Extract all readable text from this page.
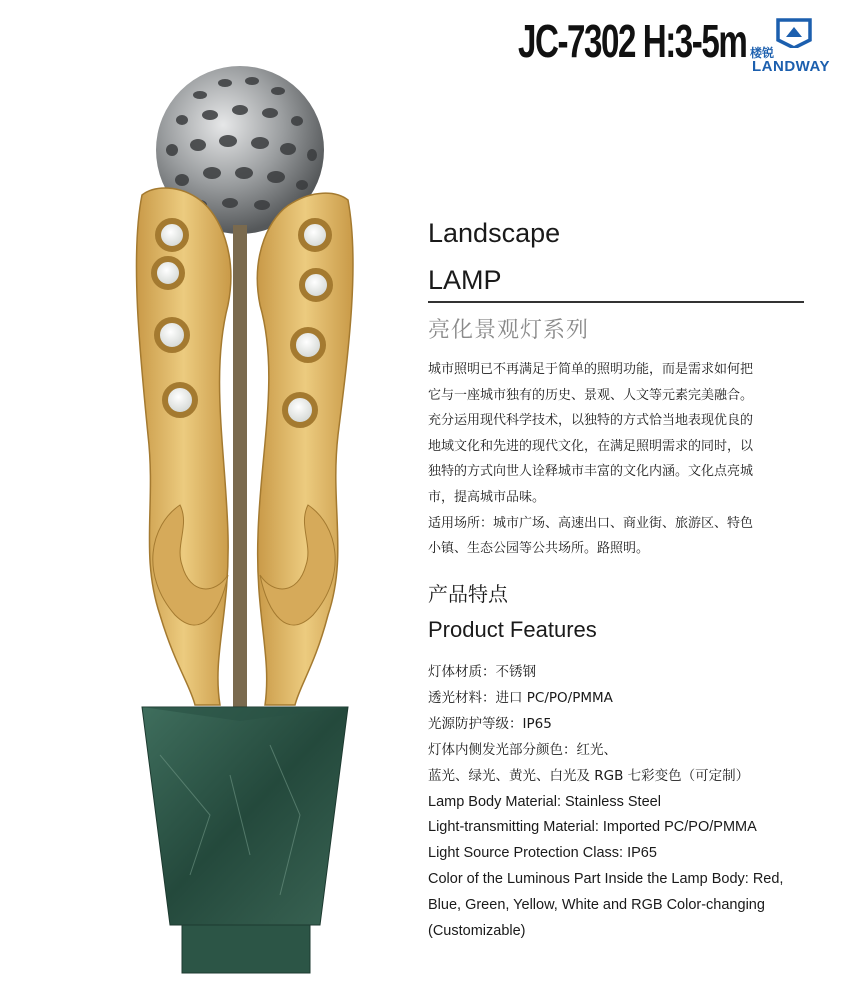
JC-7302 H:3-5m 楼锐
LANDWAY
Landscape
LAMP
亮化景观灯系列
城市照明已不再满足于简单的照明功能，而是需求如何把
它与一座城市独有的历史、景观、人文等元素完美融合。
充分运用现代科学技术，以独特的方式恰当地表现优良的
地域文化和先进的现代文化，在满足照明需求的同时，以
独特的方式向世人诠释城市丰富的文化内涵。文化点亮城
市，提高城市品味。
适用场所：城市广场、高速出口、商业街、旅游区、特色
小镇、生态公园等公共场所。路照明。
产品特点
Product Features
灯体材质：不锈钢
透光材料：进口 PC/PO/PMMA
光源防护等级：IP65
灯体内侧发光部分颜色：红光、
蓝光、绿光、黄光、白光及 RGB 七彩变色（可定制）
Lamp Body Material: Stainless Steel
Light-transmitting Material: Imported PC/PO/PMMA
Light Source Protection Class: IP65
Color of the Luminous Part Inside the Lamp Body: Red,
Blue, Green, Yellow, White and RGB Color-changing
(Customizable)
